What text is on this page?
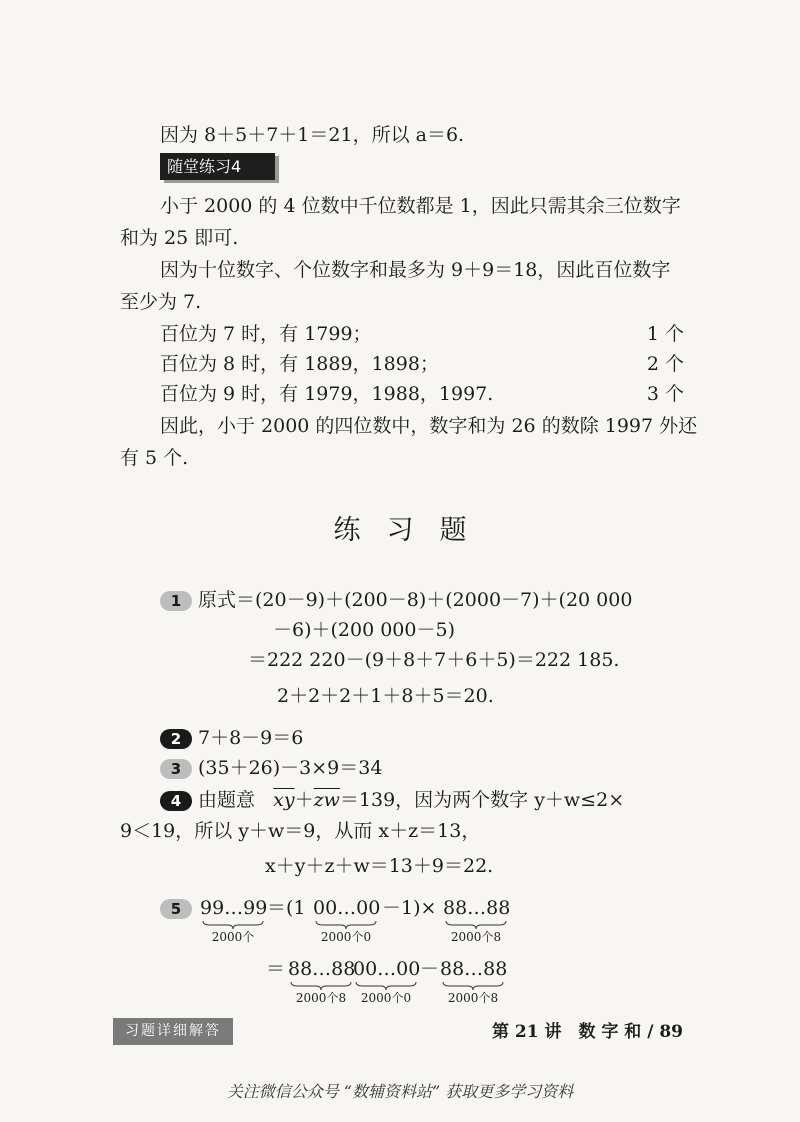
因为 8＋5＋7＋1＝21，所以 a＝6.
随堂练习4
小于 2000 的 4 位数中千位数都是 1，因此只需其余三位数字
和为 25 即可.
因为十位数字、个位数字和最多为 9＋9＝18，因此百位数字
至少为 7.
百位为 7 时，有 1799；	1 个
百位为 8 时，有 1889，1898；	2 个
百位为 9 时，有 1979，1988，1997.	3 个
因此，小于 2000 的四位数中，数字和为 26 的数除 1997 外还
有 5 个.
练习题
1 原式＝(20－9)＋(200－8)＋(2000－7)＋(20 000
－6)＋(200 000－5)
＝222 220－(9＋8＋7＋6＋5)＝222 185.
2＋2＋2＋1＋8＋5＝20.
2 7＋8－9＝6
3 (35＋26)－3×9＝34
4 由题意 $\overline{xy}+\overline{zw}=139$，因为两个数字 y＋w≤2×
9＜19，所以 y＋w＝9，从而 x＋z＝13，
x＋y＋z＋w＝13＋9＝22.
5 99…99
2000个
＝(1 00…00
2000个0
－1)× 88…88
2000个8
＝ 88…88
2000个8
00…00
2000个0
－ 88…88
2000个8
习题详细解答	第 21 讲　数 字 和 / 89
关注微信公众号 “数辅资料站” 获取更多学习资料
